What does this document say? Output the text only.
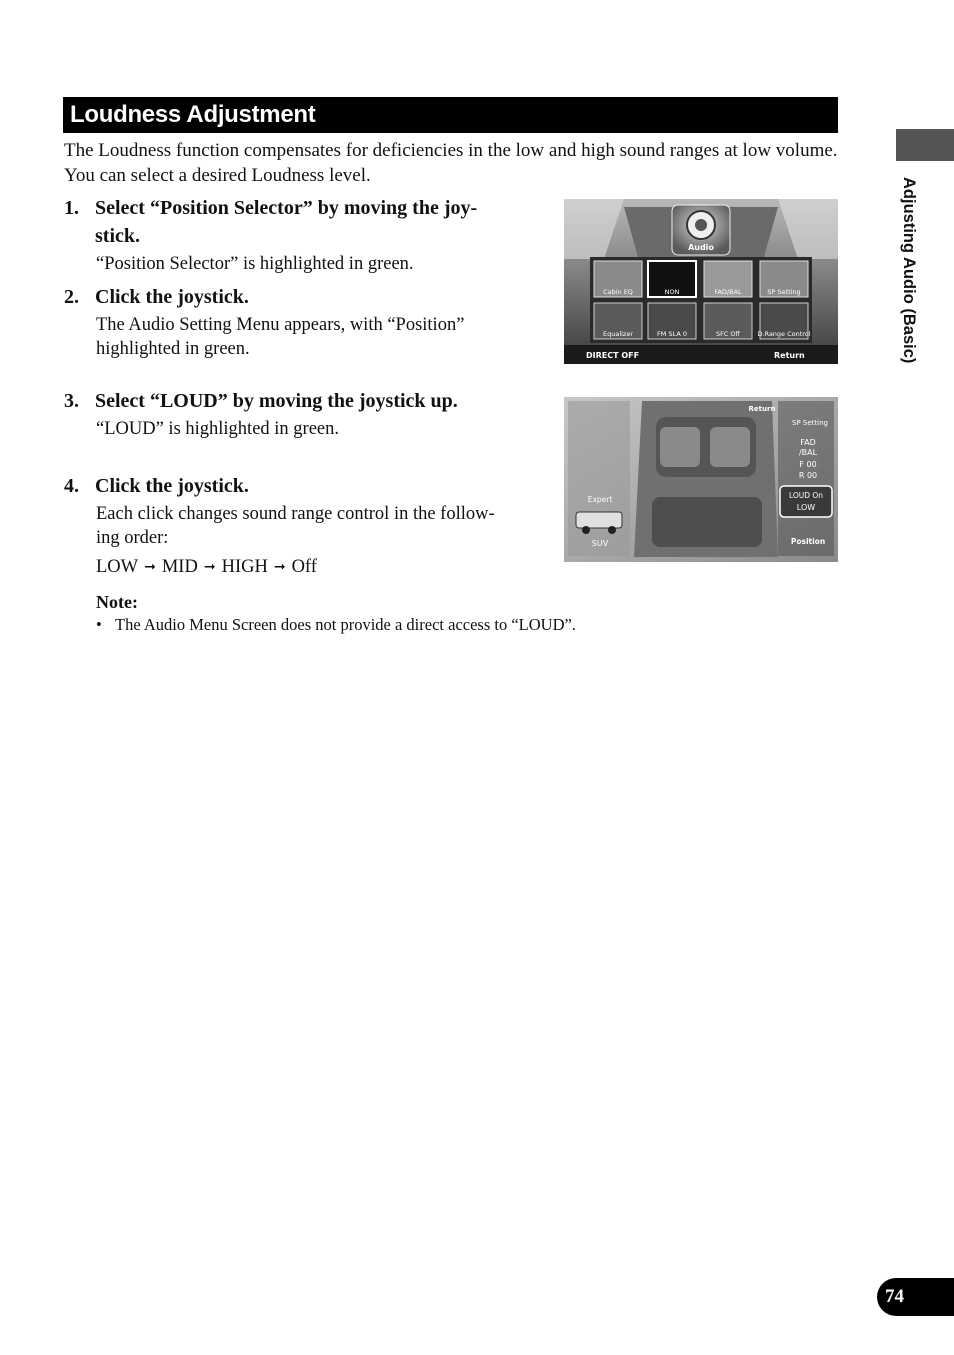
Loudness Adjustment
The Loudness function compensates for deficiencies in the low and high sound ranges at low volume. You can select a desired Loudness level.
1. Select “Position Selector” by moving the joy-
stick.
“Position Selector” is highlighted in green.
2. Click the joystick.
The Audio Setting Menu appears, with “Position”
highlighted in green.
3. Select “LOUD” by moving the joystick up.
“LOUD” is highlighted in green.
4. Click the joystick.
Each click changes sound range control in the follow-
ing order:
LOW ➞ MID ➞ HIGH ➞ Off
Note:
• The Audio Menu Screen does not provide a direct access to “LOUD”.
Audio
Cabin EQ	NON	FAD/BAL	SP Setting
Equalizer	FM SLA 0	SFC Off	D.Range Control
DIRECT OFF	Return
Return
SP Setting
FAD
/BAL
F 00
R 00
LOUD On
LOW
Position
Expert
SUV
Adjusting Audio (Basic)
74
